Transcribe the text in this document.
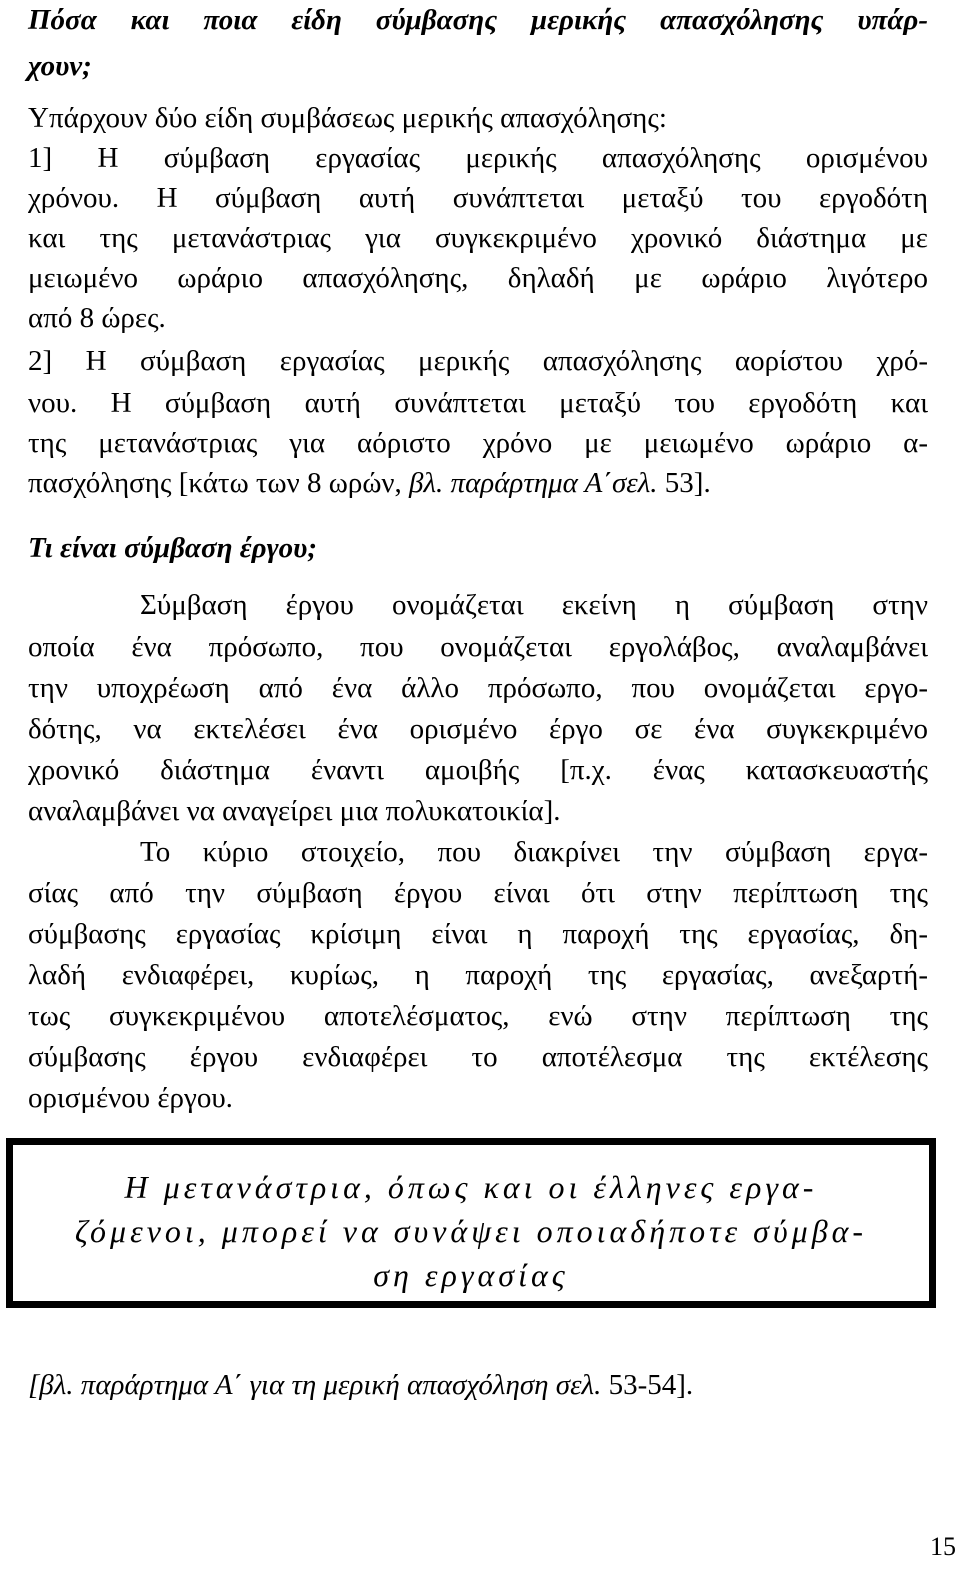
Πόσα και ποια είδη σύμβασης μερικής απασχόλησης υπάρ-
χουν;
Υπάρχουν δύο είδη συμβάσεως μερικής απασχόλησης:
1] Η σύμβαση εργασίας μερικής απασχόλησης ορισμένου
χρόνου. Η σύμβαση αυτή συνάπτεται μεταξύ του εργοδότη
και της μετανάστριας για συγκεκριμένο χρονικό διάστημα με
μειωμένο ωράριο απασχόλησης, δηλαδή με ωράριο λιγότερο
από 8 ώρες.
2] Η σύμβαση εργασίας μερικής απασχόλησης αορίστου χρό-
νου. Η σύμβαση αυτή συνάπτεται μεταξύ του εργοδότη και
της μετανάστριας για αόριστο χρόνο με μειωμένο ωράριο α-
πασχόλησης [κάτω των 8 ωρών, βλ. παράρτημα Α΄σελ. 53].
Τι είναι σύμβαση έργου;
Σύμβαση έργου ονομάζεται εκείνη η σύμβαση στην
οποία ένα πρόσωπο, που ονομάζεται εργολάβος, αναλαμβάνει
την υποχρέωση από ένα άλλο πρόσωπο, που ονομάζεται εργο-
δότης, να εκτελέσει ένα ορισμένο έργο σε ένα συγκεκριμένο
χρονικό διάστημα έναντι αμοιβής [π.χ. ένας κατασκευαστής
αναλαμβάνει να αναγείρει μια πολυκατοικία].
Το κύριο στοιχείο, που διακρίνει την σύμβαση εργα-
σίας από την σύμβαση έργου είναι ότι στην περίπτωση της
σύμβασης εργασίας κρίσιμη είναι η παροχή της εργασίας, δη-
λαδή ενδιαφέρει, κυρίως, η παροχή της εργασίας, ανεξαρτή-
τως συγκεκριμένου αποτελέσματος, ενώ στην περίπτωση της
σύμβασης έργου ενδιαφέρει το αποτέλεσμα της εκτέλεσης
ορισμένου έργου.
[βλ. παράρτημα Α΄ για τη μερική απασχόληση σελ. 53-54].
Η μετανάστρια, όπως και οι έλληνες εργα-
ζόμενοι, μπορεί να συνάψει οποιαδήποτε σύμβα-
ση εργασίας
15
